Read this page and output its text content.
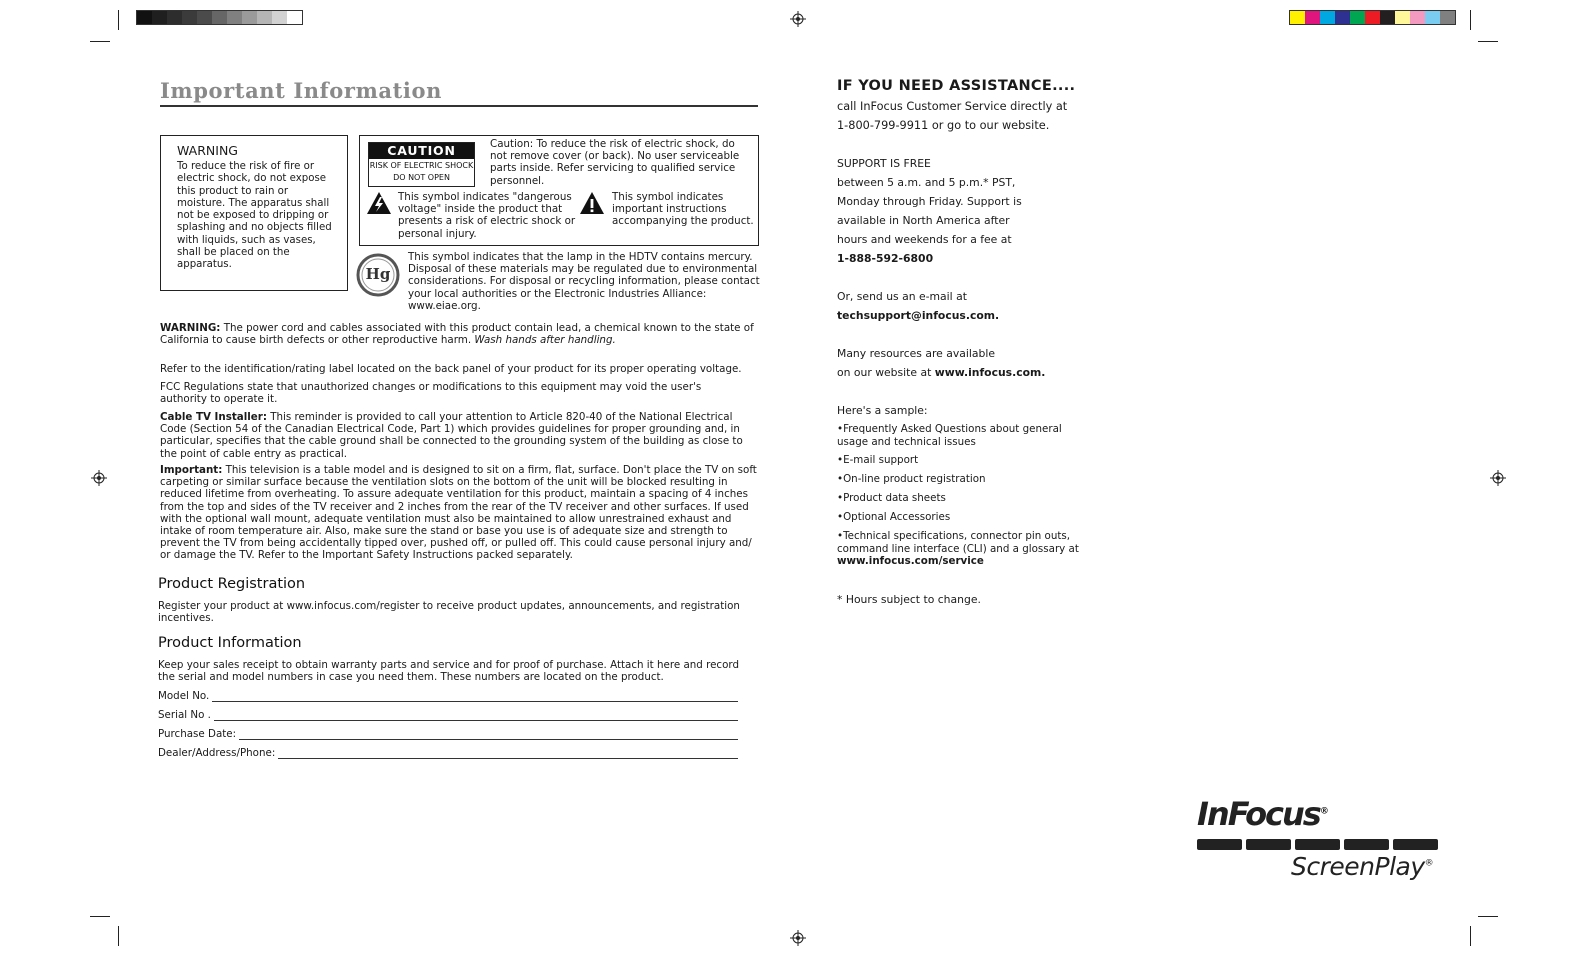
Important Information
WARNING
To reduce the risk of fire or electric shock, do not expose this product to rain or moisture. The apparatus shall not be exposed to dripping or splashing and no objects filled with liquids, such as vases, shall be placed on the apparatus.
CAUTION
RISK OF ELECTRIC SHOCK
DO NOT OPEN
Caution: To reduce the risk of electric shock, do not remove cover (or back). No user serviceable parts inside. Refer servicing to qualified service personnel.
This symbol indicates "dangerous voltage" inside the product that presents a risk of electric shock or personal injury.
This symbol indicates important instructions accompanying the product.
Hg
This symbol indicates that the lamp in the HDTV contains mercury. Disposal of these materials may be regulated due to environmental considerations. For disposal or recycling information, please contact your local authorities or the Electronic Industries Alliance: www.eiae.org.
WARNING: The power cord and cables associated with this product contain lead, a chemical known to the state of California to cause birth defects or other reproductive harm. Wash hands after handling.
Refer to the identification/rating label located on the back panel of your product for its proper operating voltage.
FCC Regulations state that unauthorized changes or modifications to this equipment may void the user's authority to operate it.
Cable TV Installer: This reminder is provided to call your attention to Article 820-40 of the National Electrical Code (Section 54 of the Canadian Electrical Code, Part 1) which provides guidelines for proper grounding and, in particular, specifies that the cable ground shall be connected to the grounding system of the building as close to the point of cable entry as practical.
Important: This television is a table model and is designed to sit on a firm, flat, surface. Don't place the TV on soft carpeting or similar surface because the ventilation slots on the bottom of the unit will be blocked resulting in reduced lifetime from overheating. To assure adequate ventilation for this product, maintain a spacing of 4 inches from the top and sides of the TV receiver and 2 inches from the rear of the TV receiver and other surfaces. If used with the optional wall mount, adequate ventilation must also be maintained to allow unrestrained exhaust and intake of room temperature air. Also, make sure the stand or base you use is of adequate size and strength to prevent the TV from being accidentally tipped over, pushed off, or pulled off. This could cause personal injury and/ or damage the TV. Refer to the Important Safety Instructions packed separately.
Product Registration
Register your product at www.infocus.com/register to receive product updates, announcements, and registration incentives.
Product Information
Keep your sales receipt to obtain warranty parts and service and for proof of purchase. Attach it here and record the serial and model numbers in case you need them. These numbers are located on the product.
Model No.
Serial No .
Purchase Date:
Dealer/Address/Phone:
IF YOU NEED ASSISTANCE....
call InFocus Customer Service directly at
1-800-799-9911 or go to our website.
SUPPORT IS FREE
between 5 a.m. and 5 p.m.* PST,
Monday through Friday. Support is
available in North America after
hours and weekends for a fee at
1-888-592-6800
Or, send us an e-mail at
techsupport@infocus.com.
Many resources are available
on our website at www.infocus.com.
Here's a sample:
•Frequently Asked Questions about general usage and technical issues
•E-mail support
•On-line product registration
•Product data sheets
•Optional Accessories
•Technical specifications, connector pin outs, command line interface (CLI) and a glossary at www.infocus.com/service
* Hours subject to change.
InFocus®
ScreenPlay®
